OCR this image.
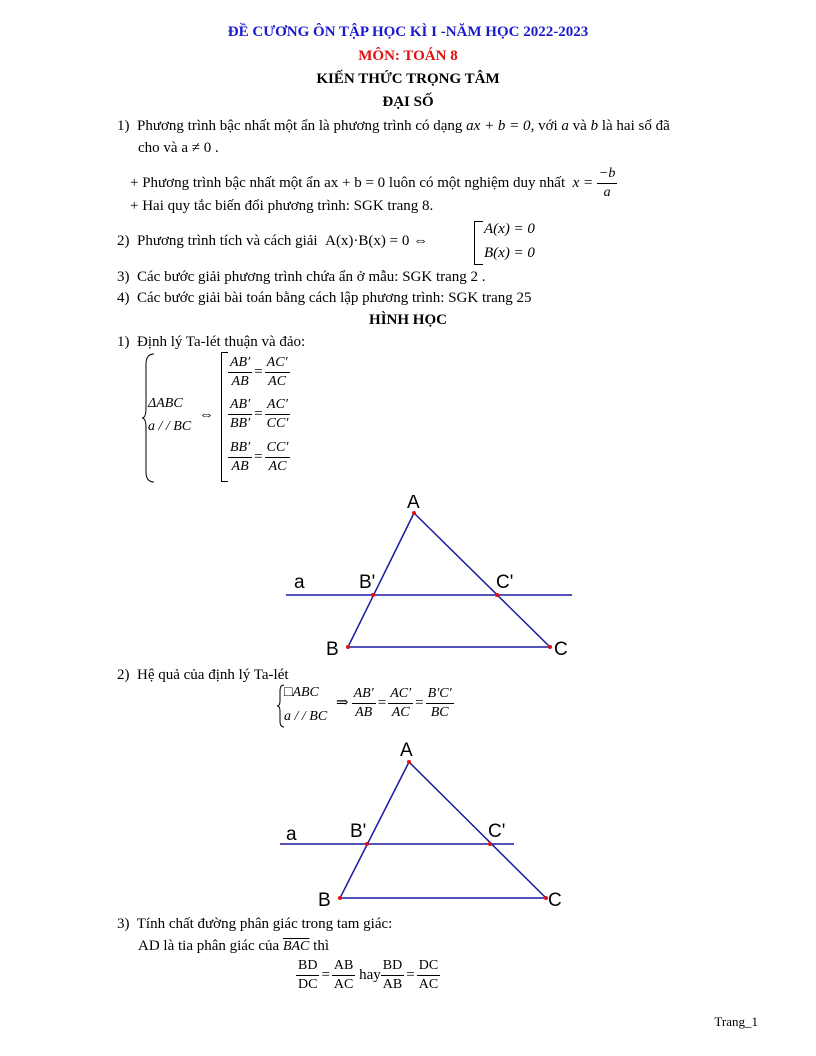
ĐỀ CƯƠNG ÔN TẬP HỌC KÌ I -NĂM HỌC 2022-2023
MÔN: TOÁN 8
KIẾN THỨC TRỌNG TÂM
ĐẠI SỐ
1) Phương trình bậc nhất một ẩn là phương trình có dạng ax + b = 0, với a và b là hai số đã
cho và a ≠ 0 .
+ Phương trình bậc nhất một ẩn ax + b = 0 luôn có một nghiệm duy nhất $x = \frac{-b}{a}$
+ Hai quy tắc biến đổi phương trình: SGK trang 8.
2) Phương trình tích và cách giải A(x)·B(x) = 0 ⇔
A(x) = 0
B(x) = 0
3) Các bước giải phương trình chứa ẩn ở mẫu: SGK trang 2 .
4) Các bước giải bài toán bằng cách lập phương trình: SGK trang 25
HÌNH HỌC
1) Định lý Ta-lét thuận và đảo:
ΔABC
a / / BC
⇔
$\frac{AB'}{AB} = \frac{AC'}{AC}$
$\frac{AB'}{BB'} = \frac{AC'}{CC'}$
$\frac{BB'}{AB} = \frac{CC'}{AC}$
A
B	C
B'	C'
a
2) Hệ quả của định lý Ta-lét
□ABC
a / / BC
⇒ $\frac{AB'}{AB} = \frac{AC'}{AC} = \frac{B'C'}{BC}$
A
B	C
B'	C'
a
3) Tính chất đường phân giác trong tam giác:
AD là tia phân giác của $\overline{BAC}$ thì
$\frac{BD}{DC} = \frac{AB}{AC}$ hay $\frac{BD}{AB} = \frac{DC}{AC}$
Trang_1
